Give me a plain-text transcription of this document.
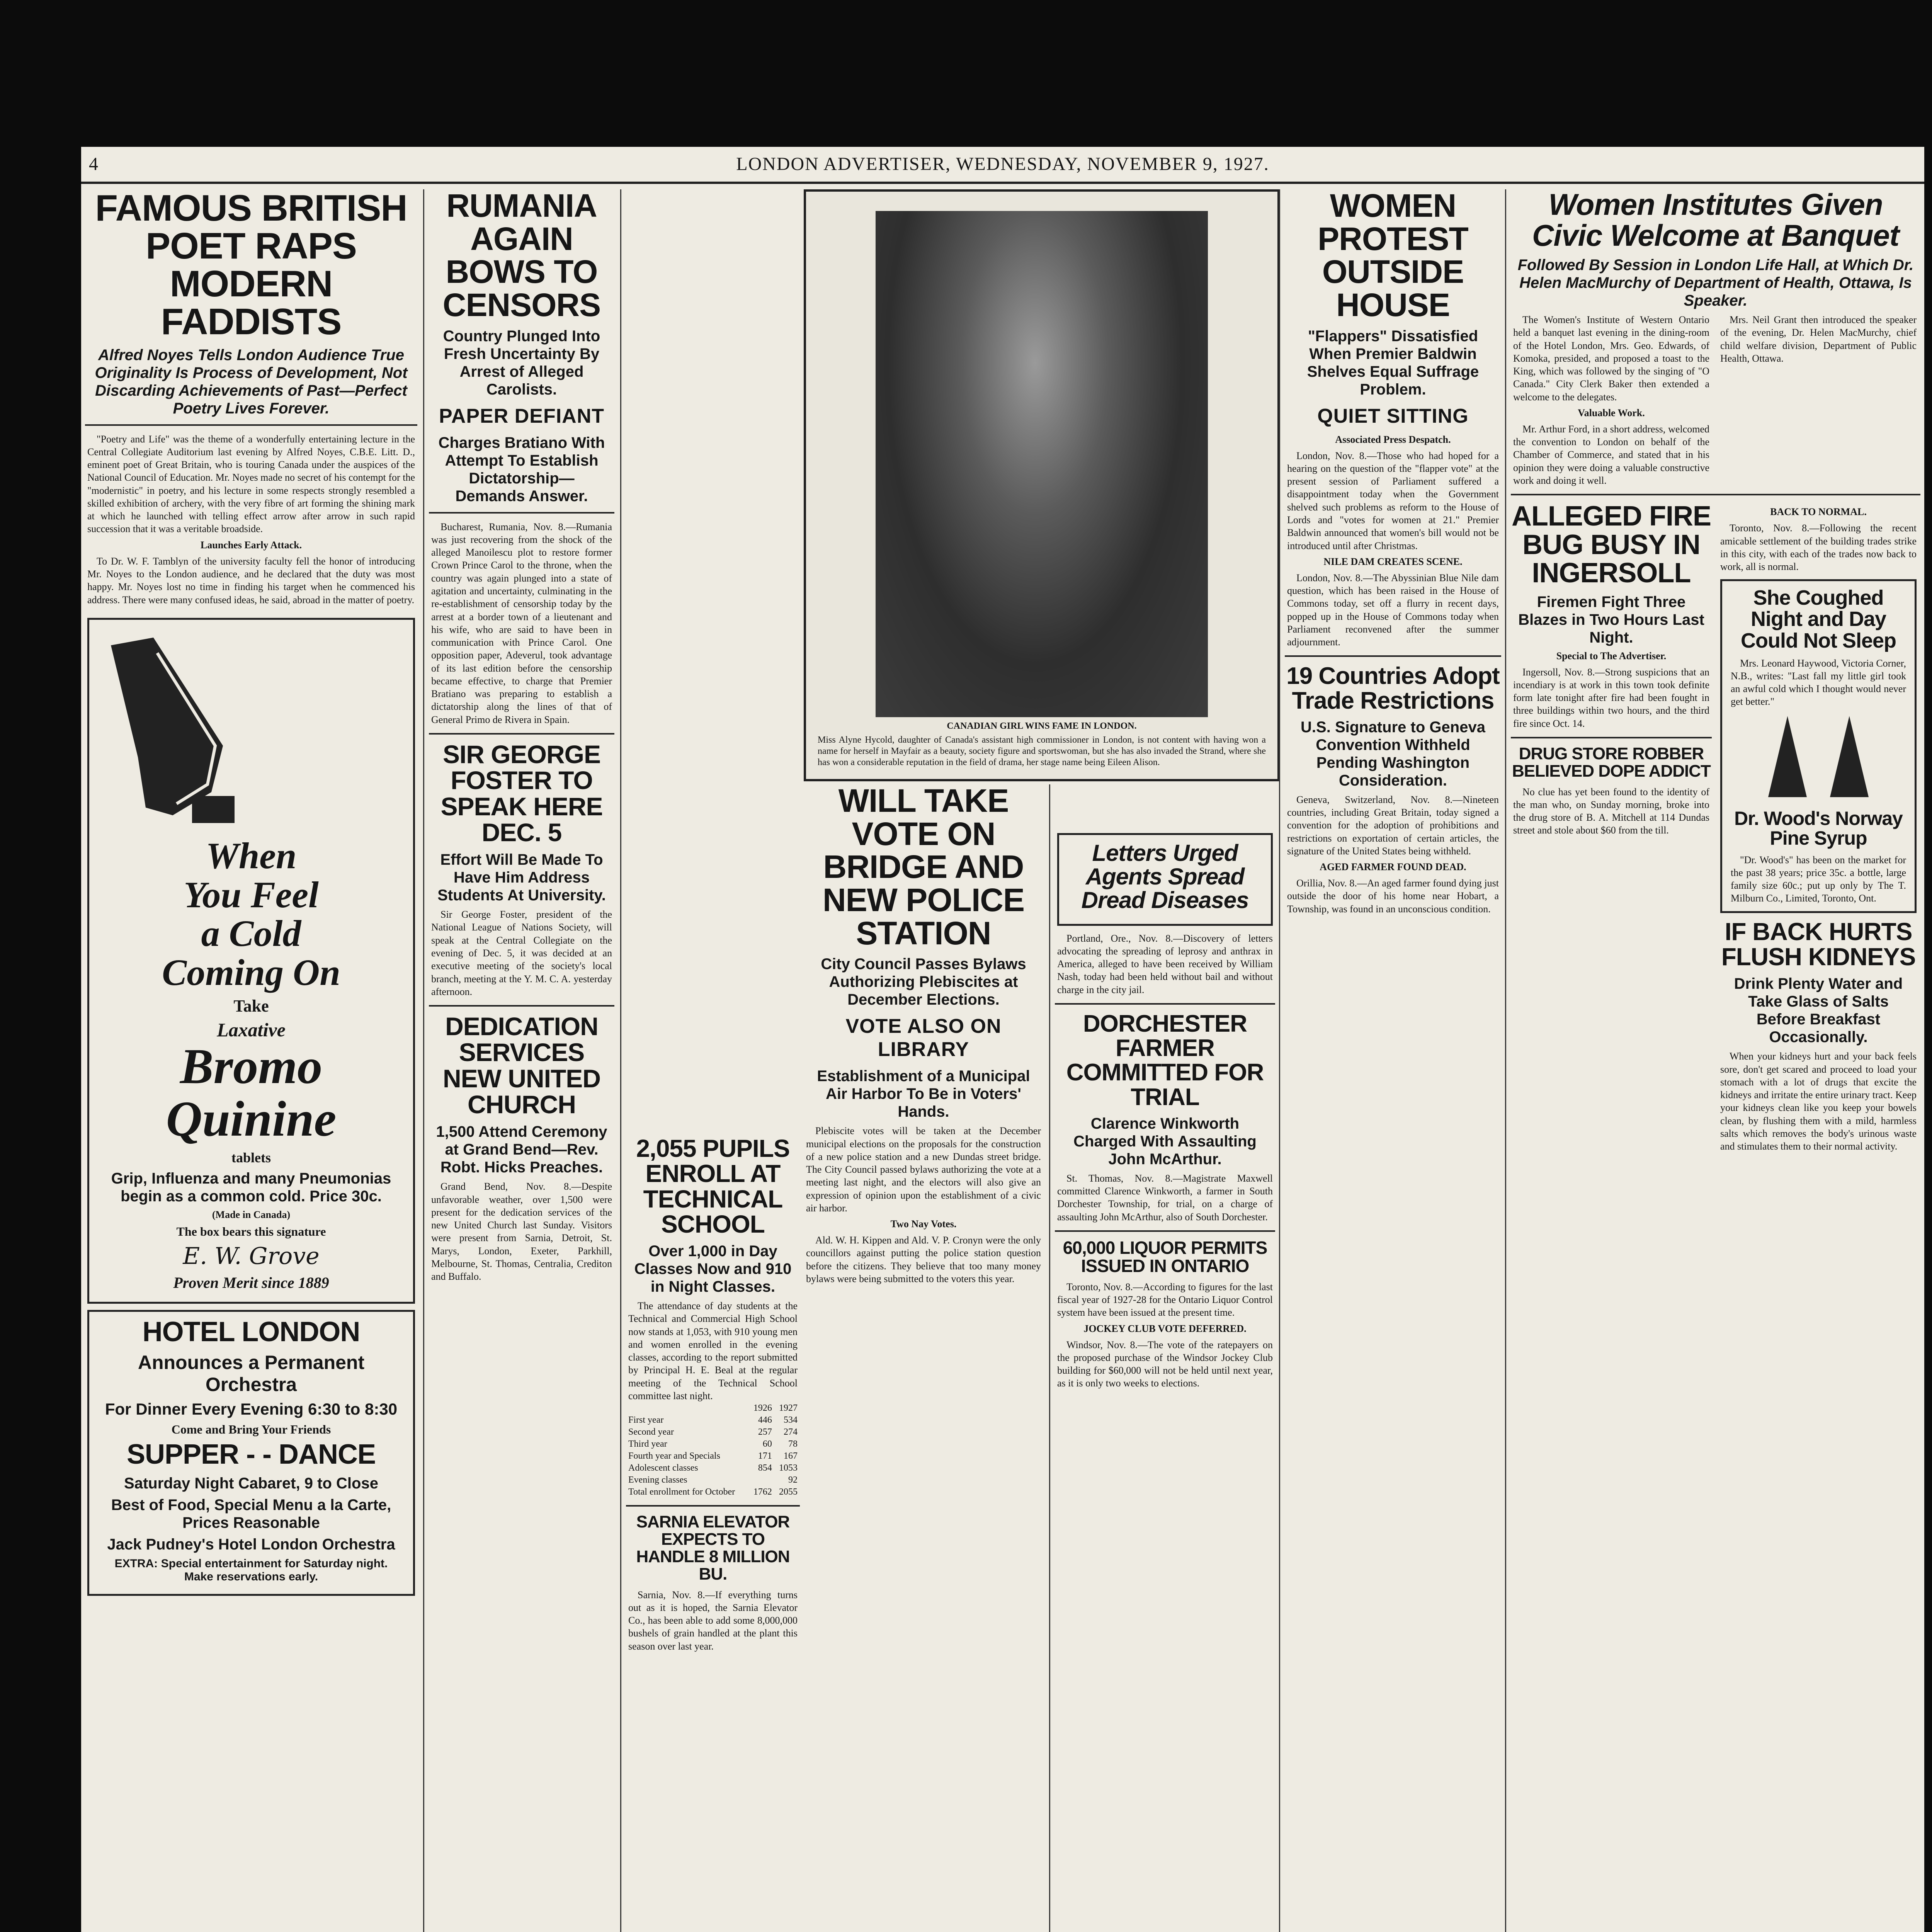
4	LONDON ADVERTISER, WEDNESDAY, NOVEMBER 9, 1927.
FAMOUS BRITISH POET RAPS MODERN FADDISTS
Alfred Noyes Tells London Audience True Originality Is Process of Development, Not Discarding Achievements of Past—Perfect Poetry Lives Forever.
"Poetry and Life" was the theme of a wonderfully entertaining lecture in the Central Collegiate Auditorium last evening by Alfred Noyes, C.B.E. Litt. D., eminent poet of Great Britain, who is touring Canada under the auspices of the National Council of Education. Mr. Noyes made no secret of his contempt for the "modernistic" in poetry, and his lecture in some respects strongly resembled a skilled exhibition of archery, with the very fibre of art forming the shining mark at which he launched with telling effect arrow after arrow in such rapid succession that it was a veritable broadside.
Launches Early Attack.
To Dr. W. F. Tamblyn of the university faculty fell the honor of introducing Mr. Noyes to the London audience, and he declared that the duty was most happy. Mr. Noyes lost no time in finding his target when he commenced his address. There were many confused ideas, he said, abroad in the matter of poetry.
When
You Feel
a Cold
Coming On
Take
Laxative
Bromo
Quinine
tablets
Grip, Influenza and many Pneumonias begin as a common cold. Price 30c.
(Made in Canada)
The box bears this signature
E. W. Grove
Proven Merit since 1889
HOTEL LONDON
Announces a Permanent Orchestra
For Dinner Every Evening 6:30 to 8:30
Come and Bring Your Friends
SUPPER - - DANCE
Saturday Night Cabaret, 9 to Close
Best of Food, Special Menu a la Carte, Prices Reasonable
Jack Pudney's Hotel London Orchestra
EXTRA: Special entertainment for Saturday night. Make reservations early.
RUMANIA AGAIN BOWS TO CENSORS
Country Plunged Into Fresh Uncertainty By Arrest of Alleged Carolists.
PAPER DEFIANT
Charges Bratiano With Attempt To Establish Dictatorship—Demands Answer.
Bucharest, Rumania, Nov. 8.—Rumania was just recovering from the shock of the alleged Manoilescu plot to restore former Crown Prince Carol to the throne, when the country was again plunged into a state of agitation and uncertainty, culminating in the re-establishment of censorship today by the arrest at a border town of a lieutenant and his wife, who are said to have been in communication with Prince Carol. One opposition paper, Adeverul, took advantage of its last edition before the censorship became effective, to charge that Premier Bratiano was preparing to establish a dictatorship along the lines of that of General Primo de Rivera in Spain.
SIR GEORGE FOSTER TO SPEAK HERE DEC. 5
Effort Will Be Made To Have Him Address Students At University.
Sir George Foster, president of the National League of Nations Society, will speak at the Central Collegiate on the evening of Dec. 5, it was decided at an executive meeting of the society's local branch, meeting at the Y. M. C. A. yesterday afternoon.
DEDICATION SERVICES NEW UNITED CHURCH
1,500 Attend Ceremony at Grand Bend—Rev. Robt. Hicks Preaches.
Grand Bend, Nov. 8.—Despite unfavorable weather, over 1,500 were present for the dedication services of the new United Church last Sunday. Visitors were present from Sarnia, Detroit, St. Marys, London, Exeter, Parkhill, Melbourne, St. Thomas, Centralia, Crediton and Buffalo.
2,055 PUPILS ENROLL AT TECHNICAL SCHOOL
Over 1,000 in Day Classes Now and 910 in Night Classes.
The attendance of day students at the Technical and Commercial High School now stands at 1,053, with 910 young men and women enrolled in the evening classes, according to the report submitted by Principal H. E. Beal at the regular meeting of the Technical School committee last night.
	1926	1927
First year	446	534
Second year	257	274
Third year	60	78
Fourth year and Specials	171	167
Adolescent classes	854	1053
Evening classes		92
Total enrollment for October	1762	2055
SARNIA ELEVATOR EXPECTS TO HANDLE 8 MILLION BU.
Sarnia, Nov. 8.—If everything turns out as it is hoped, the Sarnia Elevator Co., has been able to add some 8,000,000 bushels of grain handled at the plant this season over last year.
CANADIAN GIRL WINS FAME IN LONDON.
Miss Alyne Hycold, daughter of Canada's assistant high commissioner in London, is not content with having won a name for herself in Mayfair as a beauty, society figure and sportswoman, but she has also invaded the Strand, where she has won a considerable reputation in the field of drama, her stage name being Eileen Alison.
WILL TAKE VOTE ON BRIDGE AND NEW POLICE STATION
City Council Passes Bylaws Authorizing Plebiscites at December Elections.
VOTE ALSO ON LIBRARY
Establishment of a Municipal Air Harbor To Be in Voters' Hands.
Plebiscite votes will be taken at the December municipal elections on the proposals for the construction of a new police station and a new Dundas street bridge. The City Council passed bylaws authorizing the vote at a meeting last night, and the electors will also give an expression of opinion upon the establishment of a civic air harbor.
Two Nay Votes.
Ald. W. H. Kippen and Ald. V. P. Cronyn were the only councillors against putting the police station question before the citizens. They believe that too many money bylaws were being submitted to the voters this year.
Letters Urged Agents Spread Dread Diseases
Portland, Ore., Nov. 8.—Discovery of letters advocating the spreading of leprosy and anthrax in America, alleged to have been received by William Nash, today had been held without bail and without charge in the city jail.
DORCHESTER FARMER COMMITTED FOR TRIAL
Clarence Winkworth Charged With Assaulting John McArthur.
St. Thomas, Nov. 8.—Magistrate Maxwell committed Clarence Winkworth, a farmer in South Dorchester Township, for trial, on a charge of assaulting John McArthur, also of South Dorchester.
60,000 LIQUOR PERMITS ISSUED IN ONTARIO
Toronto, Nov. 8.—According to figures for the last fiscal year of 1927-28 for the Ontario Liquor Control system have been issued at the present time.
JOCKEY CLUB VOTE DEFERRED.
Windsor, Nov. 8.—The vote of the ratepayers on the proposed purchase of the Windsor Jockey Club building for $60,000 will not be held until next year, as it is only two weeks to elections.
WOMEN PROTEST OUTSIDE HOUSE
"Flappers" Dissatisfied When Premier Baldwin Shelves Equal Suffrage Problem.
QUIET SITTING
Associated Press Despatch.
London, Nov. 8.—Those who had hoped for a hearing on the question of the "flapper vote" at the present session of Parliament suffered a disappointment today when the Government shelved such problems as reform to the House of Lords and "votes for women at 21." Premier Baldwin announced that women's bill would not be introduced until after Christmas.
NILE DAM CREATES SCENE.
London, Nov. 8.—The Abyssinian Blue Nile dam question, which has been raised in the House of Commons today, set off a flurry in recent days, popped up in the House of Commons today when Parliament reconvened after the summer adjournment.
19 Countries Adopt Trade Restrictions
U.S. Signature to Geneva Convention Withheld Pending Washington Consideration.
Geneva, Switzerland, Nov. 8.—Nineteen countries, including Great Britain, today signed a convention for the adoption of prohibitions and restrictions on exportation of certain articles, the signature of the United States being withheld.
AGED FARMER FOUND DEAD.
Orillia, Nov. 8.—An aged farmer found dying just outside the door of his home near Hobart, a Township, was found in an unconscious condition.
Women Institutes Given Civic Welcome at Banquet
Followed By Session in London Life Hall, at Which Dr. Helen MacMurchy of Department of Health, Ottawa, Is Speaker.
The Women's Institute of Western Ontario held a banquet last evening in the dining-room of the Hotel London, Mrs. Geo. Edwards, of Komoka, presided, and proposed a toast to the King, which was followed by the singing of "O Canada." City Clerk Baker then extended a welcome to the delegates.
Valuable Work.
Mr. Arthur Ford, in a short address, welcomed the convention to London on behalf of the Chamber of Commerce, and stated that in his opinion they were doing a valuable constructive work and doing it well.
Mrs. Neil Grant then introduced the speaker of the evening, Dr. Helen MacMurchy, chief child welfare division, Department of Public Health, Ottawa.
ALLEGED FIRE BUG BUSY IN INGERSOLL
Firemen Fight Three Blazes in Two Hours Last Night.
Special to The Advertiser.
Ingersoll, Nov. 8.—Strong suspicions that an incendiary is at work in this town took definite form late tonight after fire had been fought in three buildings within two hours, and the third fire since Oct. 14.
DRUG STORE ROBBER BELIEVED DOPE ADDICT
No clue has yet been found to the identity of the man who, on Sunday morning, broke into the drug store of B. A. Mitchell at 114 Dundas street and stole about $60 from the till.
BACK TO NORMAL.
Toronto, Nov. 8.—Following the recent amicable settlement of the building trades strike in this city, with each of the trades now back to work, all is normal.
She Coughed Night and Day Could Not Sleep
Mrs. Leonard Haywood, Victoria Corner, N.B., writes: "Last fall my little girl took an awful cold which I thought would never get better."
Dr. Wood's Norway Pine Syrup
"Dr. Wood's" has been on the market for the past 38 years; price 35c. a bottle, large family size 60c.; put up only by The T. Milburn Co., Limited, Toronto, Ont.
IF BACK HURTS FLUSH KIDNEYS
Drink Plenty Water and Take Glass of Salts Before Breakfast Occasionally.
When your kidneys hurt and your back feels sore, don't get scared and proceed to load your stomach with a lot of drugs that excite the kidneys and irritate the entire urinary tract. Keep your kidneys clean like you keep your bowels clean, by flushing them with a mild, harmless salts which removes the body's urinous waste and stimulates them to their normal activity.
